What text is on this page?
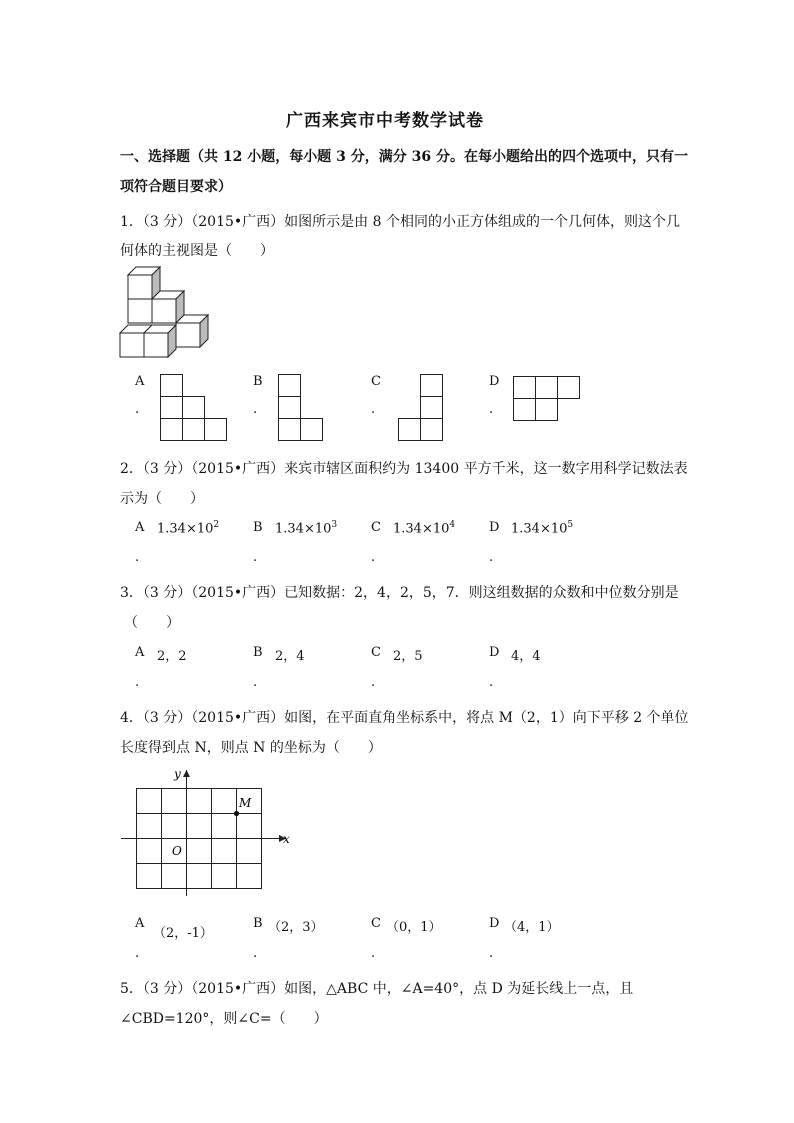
广西来宾市中考数学试卷
一、选择题（共 12 小题，每小题 3 分，满分 36 分。在每小题给出的四个选项中，只有一
项符合题目要求）
1．（3 分）（2015•广西）如图所示是由 8 个相同的小正方体组成的一个几何体，则这个几
何体的主视图是（　　）
A
.
B
.
C
.
D
.
2．（3 分）（2015•广西）来宾市辖区面积约为 13400 平方千米，这一数字用科学记数法表
示为（　　）
A $1.34\times 10^2$
.
B $1.34\times 10^3$
.
C $1.34\times 10^4$
.
D $1.34\times 10^5$
.
3．（3 分）（2015•广西）已知数据：2，4，2，5，7．则这组数据的众数和中位数分别是
（　　）
A 2，2
.
B 2，4
.
C 2，5
.
D 4，4
.
4．（3 分）（2015•广西）如图，在平面直角坐标系中，将点 M（2，1）向下平移 2 个单位
长度得到点 N，则点 N 的坐标为（　　）
y
x
O
M
A
（2，-1）
.
B （2，3）
.
C （0，1）
.
D （4，1）
.
5．（3 分）（2015•广西）如图，△ABC 中，∠A=40°，点 D 为延长线上一点，且
∠CBD=120°，则∠C=（　　）
